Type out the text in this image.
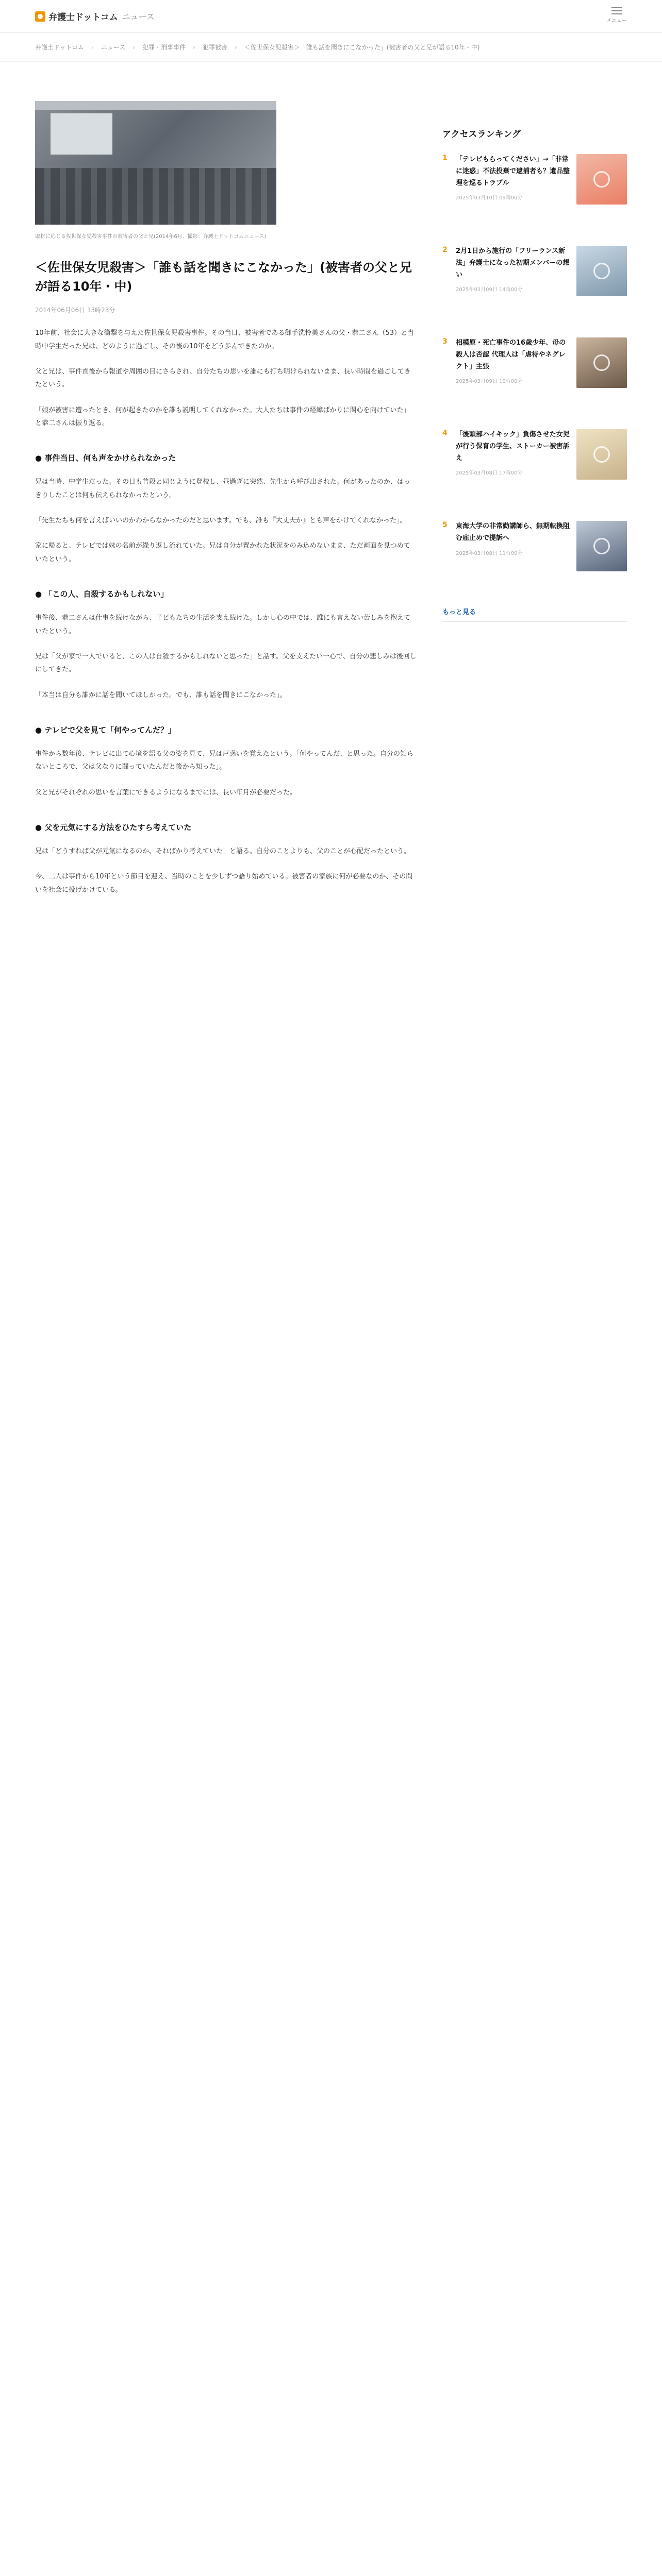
弁護士ドットコム ニュース	メニュー
弁護士ドットコム › ニュース › 犯罪・刑事事件 › 犯罪被害 › ＜佐世保女児殺害＞「誰も話を聞きにこなかった」(被害者の父と兄が語る10年・中)
取材に応じる佐世保女児殺害事件の被害者の父と兄(2014年6月、撮影：弁護士ドットコムニュース)
＜佐世保女児殺害＞「誰も話を聞きにこなかった」(被害者の父と兄が語る10年・中)
2014年06月06日 13時23分

10年前、社会に大きな衝撃を与えた佐世保女児殺害事件。その当日、被害者である御手洗怜美さんの父・恭二さん（53）と当時中学生だった兄は、どのように過ごし、その後の10年をどう歩んできたのか。

父と兄は、事件直後から報道や周囲の目にさらされ、自分たちの思いを誰にも打ち明けられないまま、長い時間を過ごしてきたという。

「娘が被害に遭ったとき、何が起きたのかを誰も説明してくれなかった。大人たちは事件の経緯ばかりに関心を向けていた」と恭二さんは振り返る。

● 事件当日、何も声をかけられなかった

兄は当時、中学生だった。その日も普段と同じように登校し、昼過ぎに突然、先生から呼び出された。何があったのか、はっきりしたことは何も伝えられなかったという。

「先生たちも何を言えばいいのかわからなかったのだと思います。でも、誰も『大丈夫か』とも声をかけてくれなかった」。

家に帰ると、テレビでは妹の名前が繰り返し流れていた。兄は自分が置かれた状況をのみ込めないまま、ただ画面を見つめていたという。

● 「この人、自殺するかもしれない」

事件後、恭二さんは仕事を続けながら、子どもたちの生活を支え続けた。しかし心の中では、誰にも言えない苦しみを抱えていたという。

兄は「父が家で一人でいると、この人は自殺するかもしれないと思った」と話す。父を支えたい一心で、自分の悲しみは後回しにしてきた。

「本当は自分も誰かに話を聞いてほしかった。でも、誰も話を聞きにこなかった」。

● テレビで父を見て「何やってんだ？」

事件から数年後、テレビに出て心境を語る父の姿を見て、兄は戸惑いを覚えたという。「何やってんだ、と思った。自分の知らないところで、父は父なりに闘っていたんだと後から知った」。

父と兄がそれぞれの思いを言葉にできるようになるまでには、長い年月が必要だった。

● 父を元気にする方法をひたすら考えていた

兄は「どうすれば父が元気になるのか、そればかり考えていた」と語る。自分のことよりも、父のことが心配だったという。

今、二人は事件から10年という節目を迎え、当時のことを少しずつ語り始めている。被害者の家族に何が必要なのか、その問いを社会に投げかけている。

アクセスランキング
1	「テレビもらってください」→「非常に迷惑」不法投棄で逮捕者も？遺品整理を巡るトラブル
2025年03月10日 09時00分
2	2月1日から施行の「フリーランス新法」弁護士になった初期メンバーの想い
2025年03月09日 14時00分
3	相模原・死亡事件の16歳少年、母の殺人は否認 代理人は「虐待やネグレクト」主張
2025年03月09日 10時00分
4	「後頭部ハイキック」負傷させた女児が行う保育の学生、ストーカー被害訴え
2025年03月08日 17時00分
5	東海大学の非常勤講師ら、無期転換阻む雇止めで提訴へ
2025年03月08日 11時00分
もっと見る
